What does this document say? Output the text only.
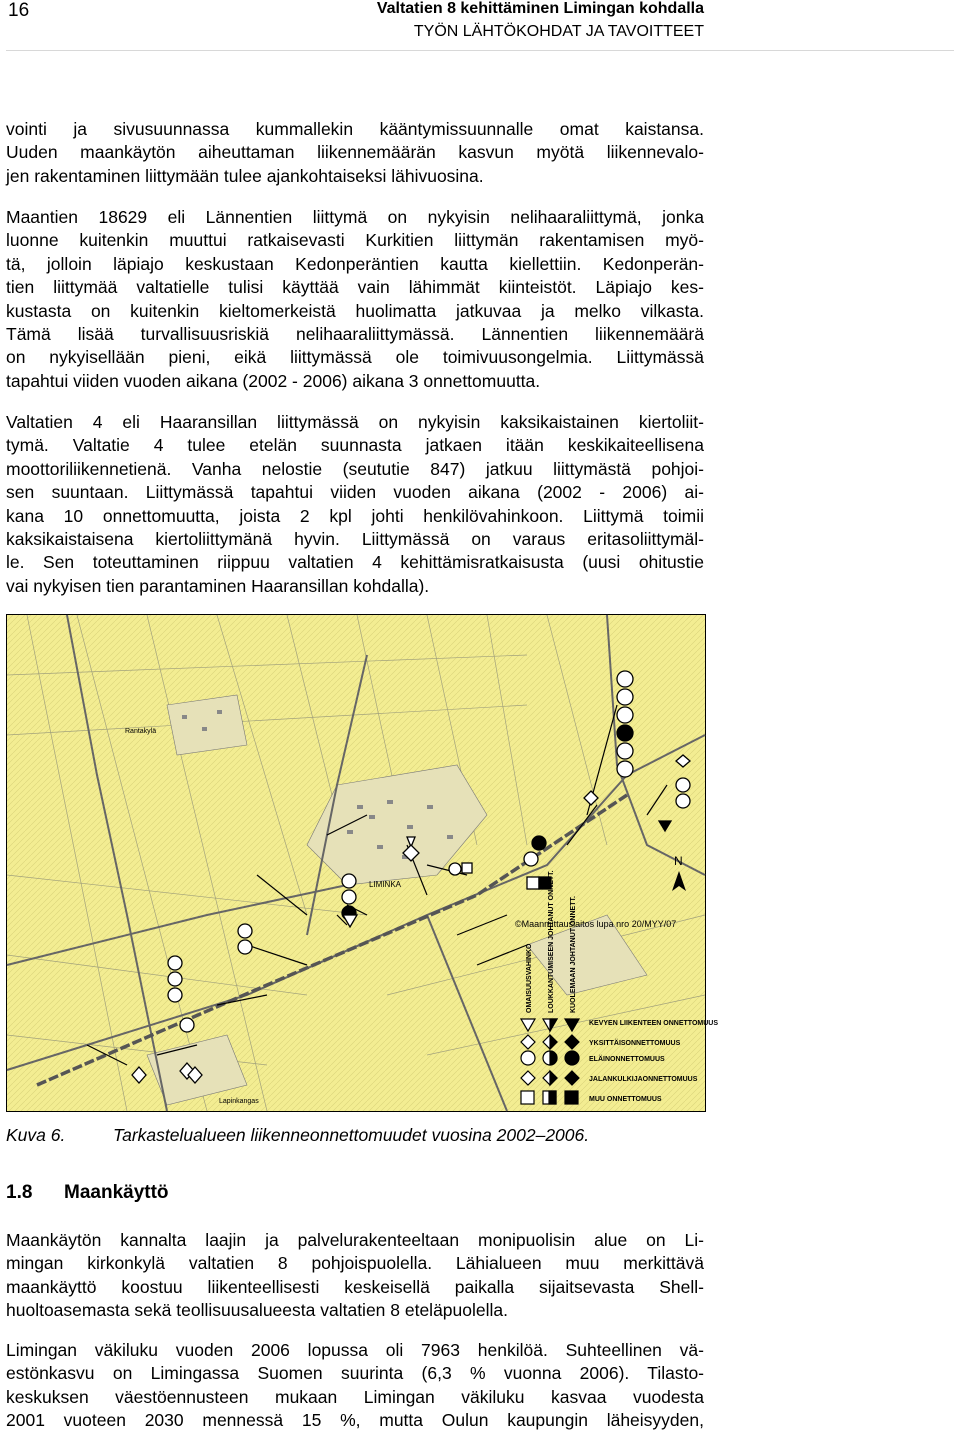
16	Valtatien 8 kehittäminen Limingan kohdalla
TYÖN LÄHTÖKOHDAT JA TAVOITTEET
vointi ja sivusuunnassa kummallekin kääntymissuunnalle omat kaistansa.
Uuden maankäytön aiheuttaman liikennemäärän kasvun myötä liikennevalo-
jen rakentaminen liittymään tulee ajankohtaiseksi lähivuosina.
Maantien 18629 eli Lännentien liittymä on nykyisin nelihaaraliittymä, jonka
luonne kuitenkin muuttui ratkaisevasti Kurkitien liittymän rakentamisen myö-
tä, jolloin läpiajo keskustaan Kedonperäntien kautta kiellettiin. Kedonperän-
tien liittymää valtatielle tulisi käyttää vain lähimmät kiinteistöt. Läpiajo kes-
kustasta on kuitenkin kieltomerkeistä huolimatta jatkuvaa ja melko vilkasta.
Tämä lisää turvallisuusriskiä nelihaaraliittymässä. Lännentien liikennemäärä
on nykyisellään pieni, eikä liittymässä ole toimivuusongelmia. Liittymässä
tapahtui viiden vuoden aikana (2002 - 2006) aikana 3 onnettomuutta.
Valtatien 4 eli Haaransillan liittymässä on nykyisin kaksikaistainen kiertoliit-
tymä. Valtatie 4 tulee etelän suunnasta jatkaen itään keskikaiteellisena
moottoriliikennetienä. Vanha nelostie (seututie 847) jatkuu liittymästä pohjoi-
sen suuntaan. Liittymässä tapahtui viiden vuoden aikana (2002 - 2006) ai-
kana 10 onnettomuutta, joista 2 kpl johti henkilövahinkoon. Liittymä toimii
kaksikaistaisena kiertoliittymänä hyvin. Liittymässä on varaus eritasoliittymäl-
le. Sen toteuttaminen riippuu valtatien 4 kehittämisratkaisusta (uusi ohitustie
vai nykyisen tien parantaminen Haaransillan kohdalla).
N
LIMINKA
Rantakylä
Lapinkangas
©Maanmittauslaitos lupa nro 20/MYY/07
OMAISUUSVAHINKO LOUKKANTUMISEEN JOHTANUT ONNETT. KUOLEMAAN JOHTANUT ONNETT.
KEVYEN LIIKENTEEN ONNETTOMUUS
YKSITTÄISONNETTOMUUS
ELÄINONNETTOMUUS
JALANKULKIJAONNETTOMUUS
MUU ONNETTOMUUS
Kuva 6.	Tarkastelualueen liikenneonnettomuudet vuosina 2002–2006.
1.8 Maankäyttö
Maankäytön kannalta laajin ja palvelurakenteeltaan monipuolisin alue on Li-
mingan kirkonkylä valtatien 8 pohjoispuolella. Lähialueen muu merkittävä
maankäyttö koostuu liikenteellisesti keskeisellä paikalla sijaitsevasta Shell-
huoltoasemasta sekä teollisuusalueesta valtatien 8 eteläpuolella.
Limingan väkiluku vuoden 2006 lopussa oli 7963 henkilöä. Suhteellinen vä-
estönkasvu on Limingassa Suomen suurinta (6,3 % vuonna 2006). Tilasto-
keskuksen väestöennusteen mukaan Limingan väkiluku kasvaa vuodesta
2001 vuoteen 2030 mennessä 15 %, mutta Oulun kaupungin läheisyyden,
